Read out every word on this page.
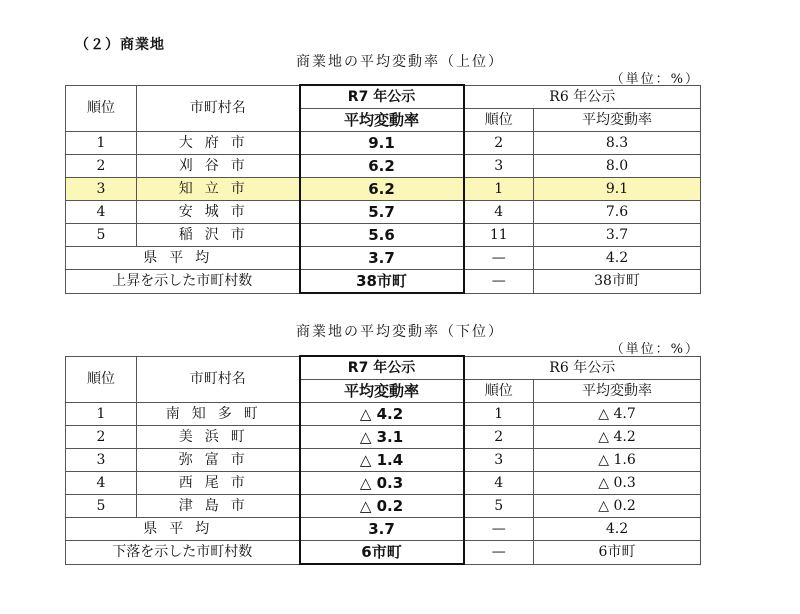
（２）商業地
商業地の平均変動率（上位）
（単位：%）
順位	市町村名	R7 年公示	R6 年公示	
		平均変動率	順位	平均変動率
1	大府市	9.1	2	8.3
2	刈谷市	6.2	3	8.0
3	知立市	6.2	1	9.1
4	安城市	5.7	4	7.6
5	稲沢市	5.6	11	3.7
県平均		3.7	—	4.2
上昇を示した市町村数		38市町	—	38市町
商業地の平均変動率（下位）
（単位：%）
順位	市町村名	R7 年公示	R6 年公示	
		平均変動率	順位	平均変動率
1	南知多町	△ 4.2	1	△ 4.7
2	美浜町	△ 3.1	2	△ 4.2
3	弥富市	△ 1.4	3	△ 1.6
4	西尾市	△ 0.3	4	△ 0.3
5	津島市	△ 0.2	5	△ 0.2
県平均		3.7	—	4.2
下落を示した市町村数		6市町	—	6市町
